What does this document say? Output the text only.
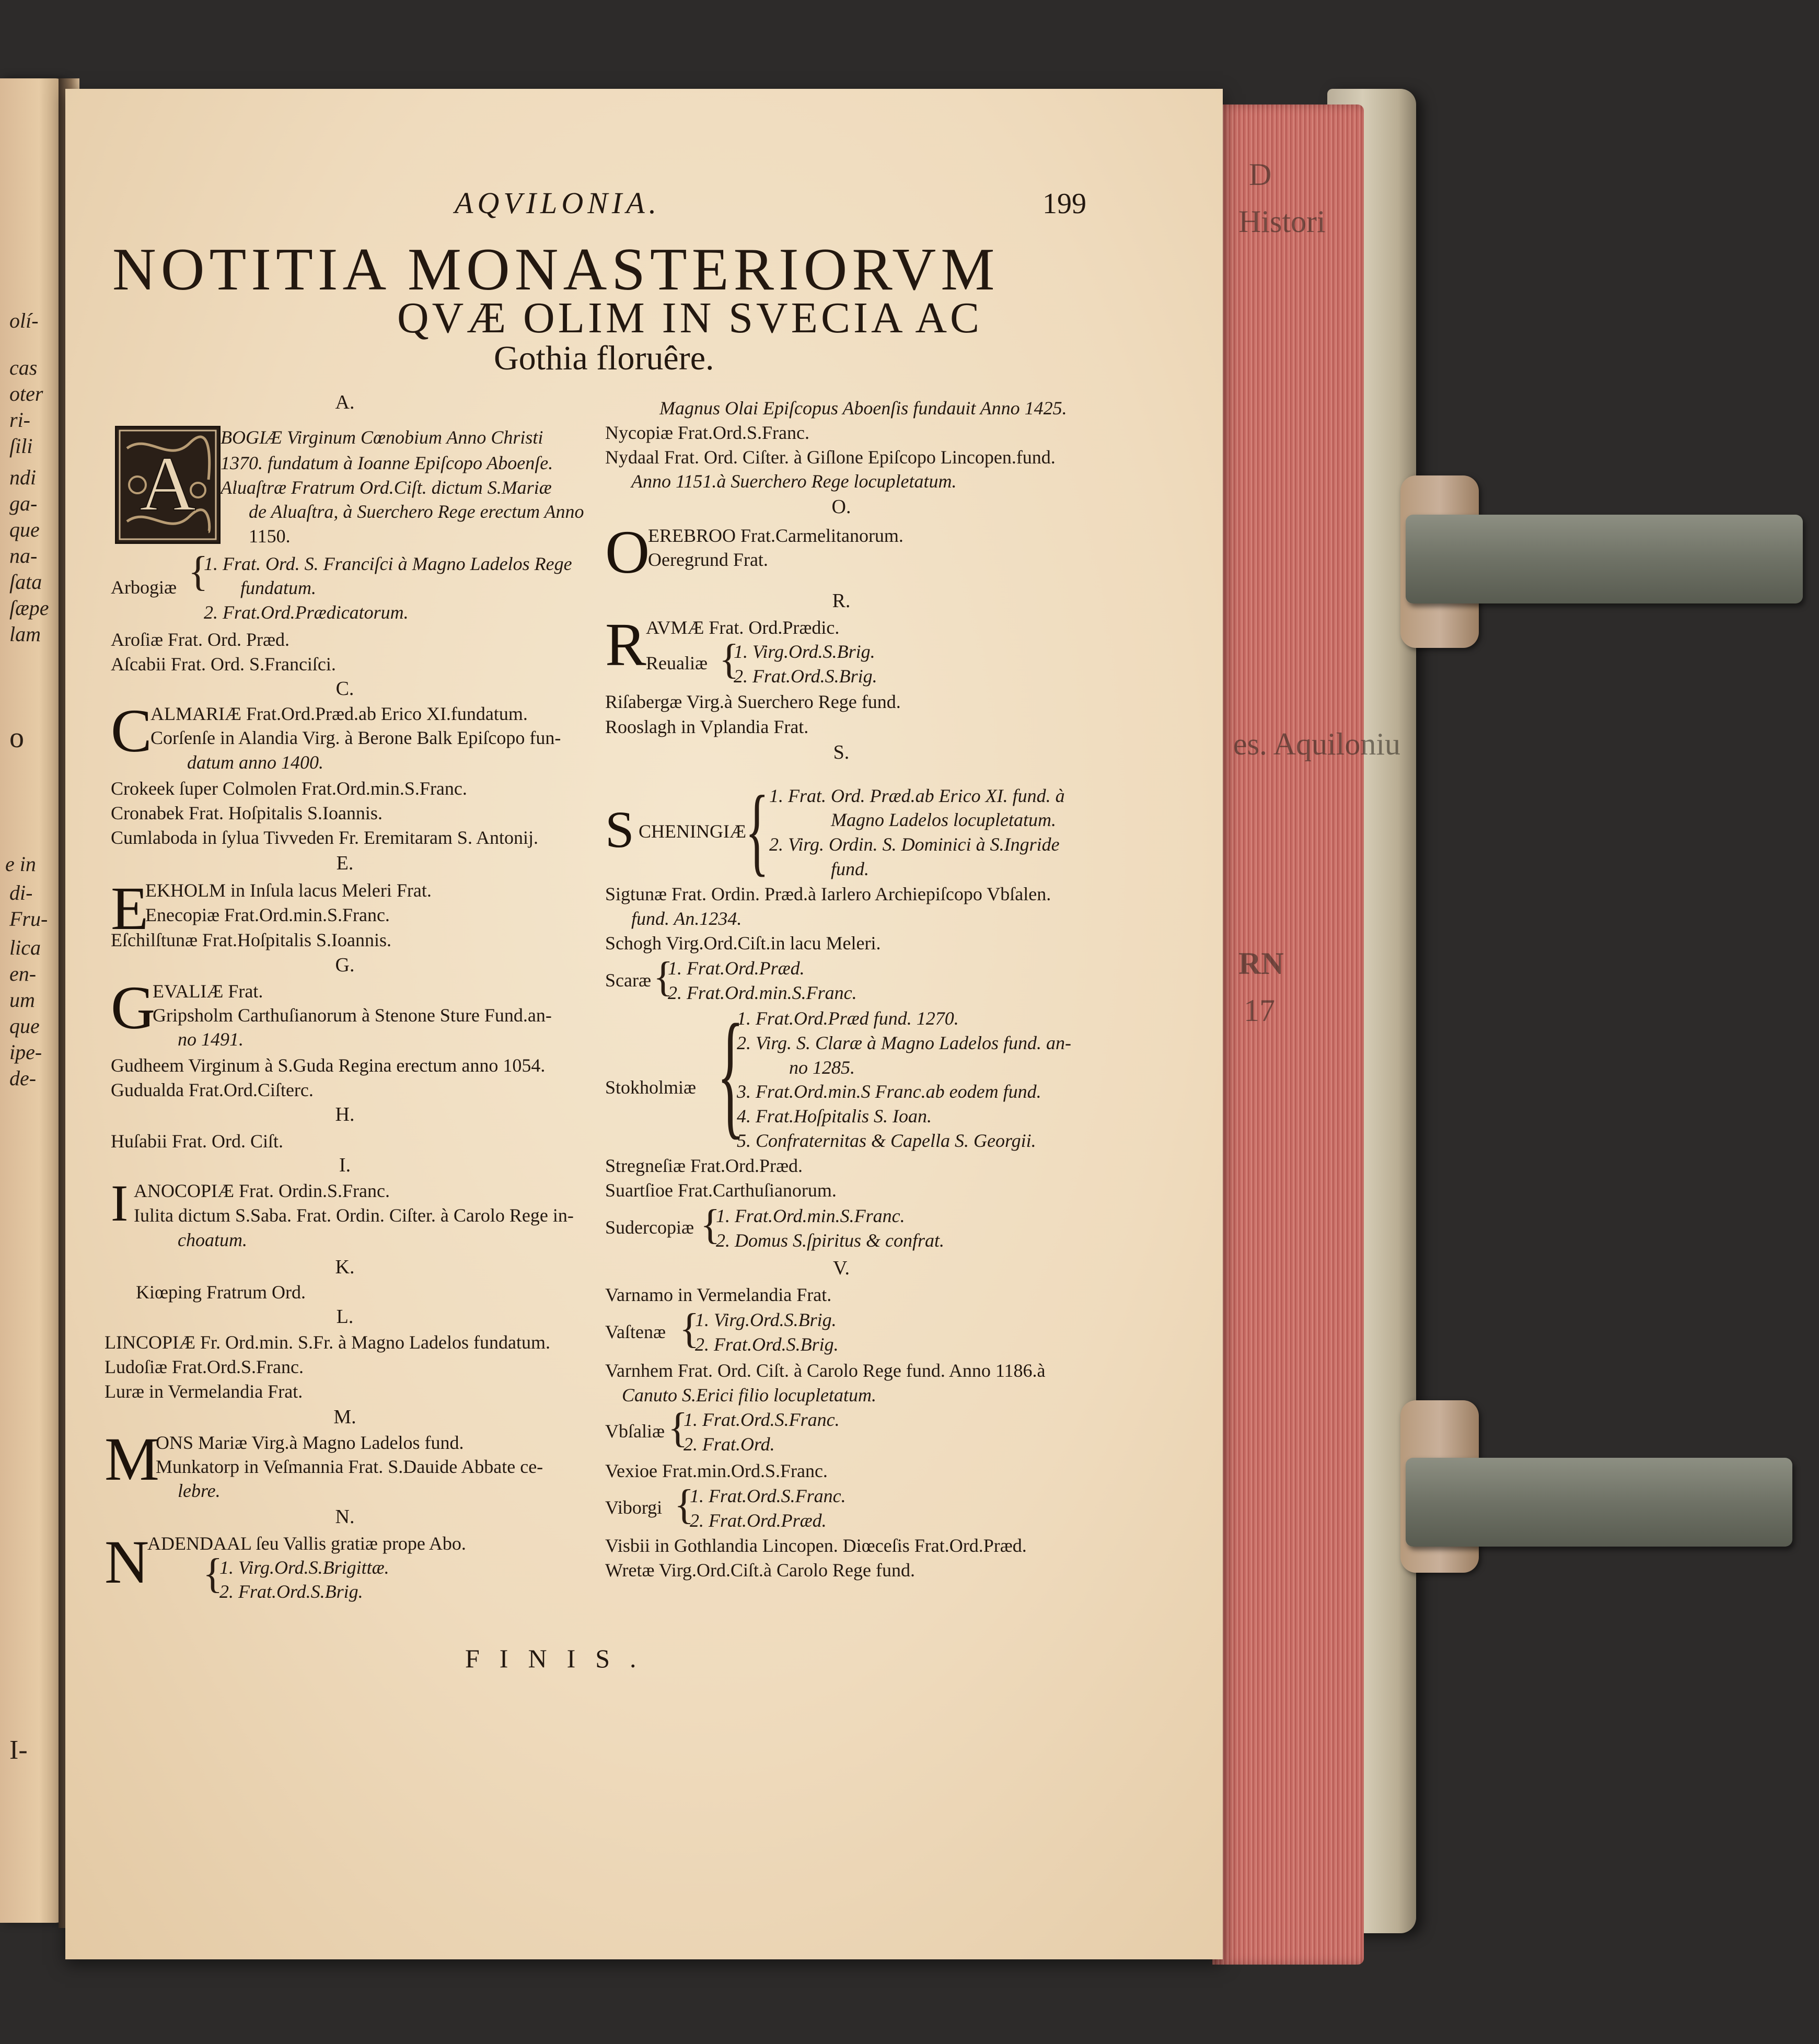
D
Histori
es. Aquiloniu
RN
17
olí-
cas
oter
ri-
ſili
ndi
ga-
que
na-
ſata
ſæpe
lam
o
e in
di-
Fru-
lica
en-
um
que
ipe-
de-
I-
AQVILONIA.	199
NOTITIA MONASTERIORVM
QVÆ OLIM IN SVECIA AC
Gothia floruêre.
A
A.
BOGIÆ Virginum Cœnobium Anno Christi
1370. fundatum à Ioanne Epiſcopo Aboenſe.
Aluaſtræ Fratrum Ord.Ciſt. dictum S.Mariæ
de Aluaſtra, à Suerchero Rege erectum Anno
1150.
Arbogiæ {
1. Frat. Ord. S. Franciſci à Magno Ladelos Rege
fundatum.
2. Frat.Ord.Prædicatorum.
Aroſiæ Frat. Ord. Præd.
Aſcabii Frat. Ord. S.Franciſci.
C.
C
ALMARIÆ Frat.Ord.Præd.ab Erico XI.fundatum.
Corſenſe in Alandia Virg. à Berone Balk Epiſcopo fun-
datum anno 1400.
Crokeek ſuper Colmolen Frat.Ord.min.S.Franc.
Cronabek Frat. Hoſpitalis S.Ioannis.
Cumlaboda in ſylua Tivveden Fr. Eremitaram S. Antonij.
E.
E
EKHOLM in Inſula lacus Meleri Frat.
Enecopiæ Frat.Ord.min.S.Franc.
Eſchilſtunæ Frat.Hoſpitalis S.Ioannis.
G.
G
EVALIÆ Frat.
Gripsholm Carthuſianorum à Stenone Sture Fund.an-
no 1491.
Gudheem Virginum à S.Guda Regina erectum anno 1054.
Gudualda Frat.Ord.Ciſterc.
H.
Huſabii Frat. Ord. Ciſt.
I.
I ANOCOPIÆ Frat. Ordin.S.Franc.
Iulita dictum S.Saba. Frat. Ordin. Ciſter. à Carolo Rege in-
choatum.
K.
Kiœping Fratrum Ord.
L.
LINCOPIÆ Fr. Ord.min. S.Fr. à Magno Ladelos fundatum.
Ludoſiæ Frat.Ord.S.Franc.
Luræ in Vermelandia Frat.
M.
M
ONS Mariæ Virg.à Magno Ladelos fund.
Munkatorp in Veſmannia Frat. S.Dauide Abbate ce-
lebre.
N.
N
ADENDAAL ſeu Vallis gratiæ prope Abo.
{
1. Virg.Ord.S.Brigittæ.
2. Frat.Ord.S.Brig.
Magnus Olai Epiſcopus Aboenſis fundauit Anno 1425.
Nycopiæ Frat.Ord.S.Franc.
Nydaal Frat. Ord. Ciſter. à Giſlone Epiſcopo Lincopen.fund.
Anno 1151.à Suerchero Rege locupletatum.
O.
O
EREBROO Frat.Carmelitanorum.
Oeregrund Frat.
R.
R AVMÆ Frat. Ord.Prædic.
Reualiæ {
1. Virg.Ord.S.Brig.
2. Frat.Ord.S.Brig.
Riſabergæ Virg.à Suerchero Rege fund.
Rooslagh in Vplandia Frat.
S.
S CHENINGIÆ
{ 1. Frat. Ord. Præd.ab Erico XI. fund. à
Magno Ladelos locupletatum.
2. Virg. Ordin. S. Dominici à S.Ingride
fund.
Sigtunæ Frat. Ordin. Præd.à Iarlero Archiepiſcopo Vbſalen.
fund. An.1234.
Schogh Virg.Ord.Ciſt.in lacu Meleri.
Scaræ {
1. Frat.Ord.Præd.
2. Frat.Ord.min.S.Franc.
Stokholmiæ {
1. Frat.Ord.Præd fund. 1270.
2. Virg. S. Claræ à Magno Ladelos fund. an-
no 1285.
3. Frat.Ord.min.S Franc.ab eodem fund.
4. Frat.Hoſpitalis S. Ioan.
5. Confraternitas & Capella S. Georgii.
Stregneſiæ Frat.Ord.Præd.
Suartſioe Frat.Carthuſianorum.
Sudercopiæ {
1. Frat.Ord.min.S.Franc.
2. Domus S.ſpiritus & confrat.
V.
Varnamo in Vermelandia Frat.
Vaſtenæ {
1. Virg.Ord.S.Brig.
2. Frat.Ord.S.Brig.
Varnhem Frat. Ord. Ciſt. à Carolo Rege fund. Anno 1186.à
Canuto S.Erici filio locupletatum.
Vbſaliæ {
1. Frat.Ord.S.Franc.
2. Frat.Ord.
Vexioe Frat.min.Ord.S.Franc.
Viborgi {
1. Frat.Ord.S.Franc.
2. Frat.Ord.Præd.
Visbii in Gothlandia Lincopen. Diœceſis Frat.Ord.Præd.
Wretæ Virg.Ord.Ciſt.à Carolo Rege fund.
FINIS.
